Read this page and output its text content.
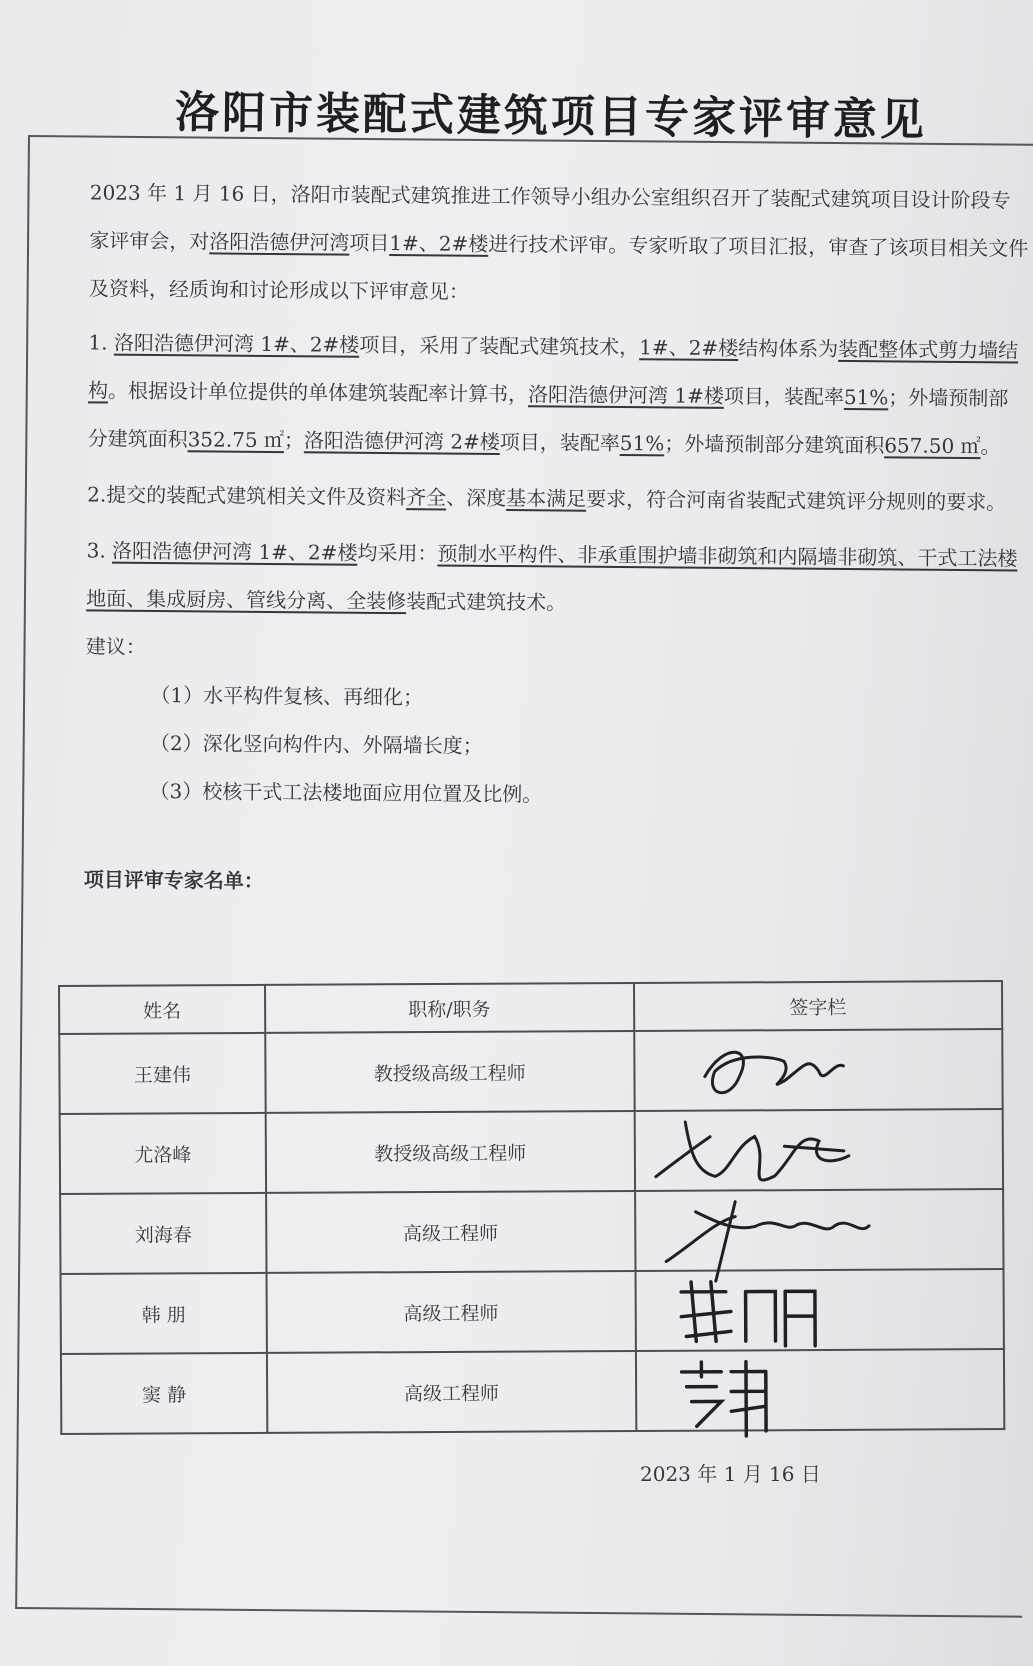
洛阳市装配式建筑项目专家评审意见

2023 年 1 月 16 日，洛阳市装配式建筑推进工作领导小组办公室组织召开了装配式建筑项目设计阶段专家评审会，对洛阳浩德伊河湾项目1#、2#楼进行技术评审。专家听取了项目汇报，审查了该项目相关文件及资料，经质询和讨论形成以下评审意见：

1. 洛阳浩德伊河湾 1#、2#楼项目，采用了装配式建筑技术，1#、2#楼结构体系为装配整体式剪力墙结构。根据设计单位提供的单体建筑装配率计算书，洛阳浩德伊河湾 1#楼项目，装配率51%；外墙预制部分建筑面积352.75 ㎡；洛阳浩德伊河湾 2#楼项目，装配率51%；外墙预制部分建筑面积657.50 ㎡。

2.提交的装配式建筑相关文件及资料齐全、深度基本满足要求，符合河南省装配式建筑评分规则的要求。

3. 洛阳浩德伊河湾 1#、2#楼均采用：预制水平构件、非承重围护墙非砌筑和内隔墙非砌筑、干式工法楼地面、集成厨房、管线分离、全装修装配式建筑技术。

建议：

（1）水平构件复核、再细化；

（2）深化竖向构件内、外隔墙长度；

（3）校核干式工法楼地面应用位置及比例。

项目评审专家名单：

姓名	职称/职务	签字栏
王建伟	教授级高级工程师	

尤洛峰	教授级高级工程师	

刘海春	高级工程师	

韩 朋	高级工程师	

窦 静	高级工程师	
2023 年 1 月 16 日
